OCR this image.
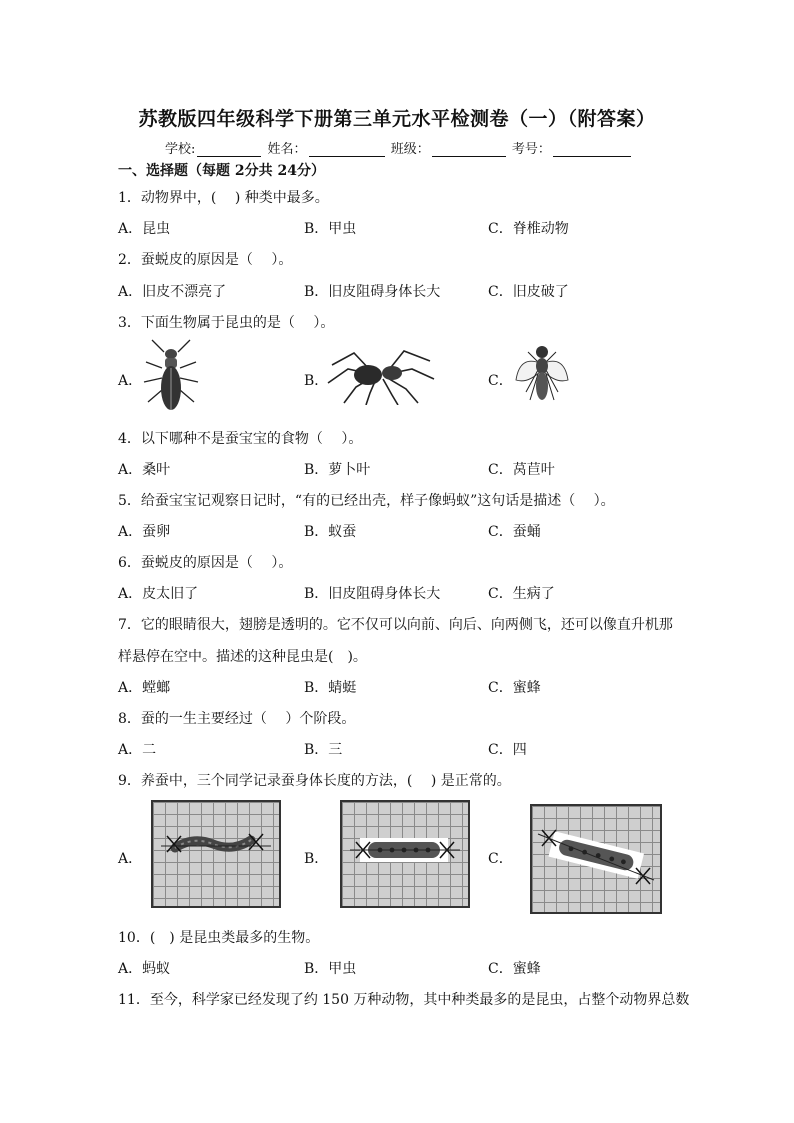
苏教版四年级科学下册第三单元水平检测卷（一）（附答案）
学校:	姓名：	班级：	考号：
一、选择题（每题 2分共 24分）
1．动物界中，(　 ) 种类中最多。
A．昆虫	B．甲虫	C．脊椎动物
2．蚕蜕皮的原因是（　 ）。
A．旧皮不漂亮了	B．旧皮阻碍身体长大	C．旧皮破了
3．下面生物属于昆虫的是（　 ）。
A．	B．	C．
4．以下哪种不是蚕宝宝的食物（　 ）。
A．桑叶	B．萝卜叶	C．莴苣叶
5．给蚕宝宝记观察日记时，“有的已经出壳，样子像蚂蚁”这句话是描述（　 ）。
A．蚕卵	B．蚁蚕	C．蚕蛹
6．蚕蜕皮的原因是（　 ）。
A．皮太旧了	B．旧皮阻碍身体长大	C．生病了
7．它的眼睛很大，翅膀是透明的。它不仅可以向前、向后、向两侧飞，还可以像直升机那
样悬停在空中。描述的这种昆虫是(　)。
A．螳螂	B．蜻蜓	C．蜜蜂
8．蚕的一生主要经过（　 ）个阶段。
A．二	B．三	C．四
9．养蚕中，三个同学记录蚕身体长度的方法，(　 ) 是正常的。
A．	B．	C．
10．(　) 是昆虫类最多的生物。
A．蚂蚁	B．甲虫	C．蜜蜂
11．至今，科学家已经发现了约 150 万种动物，其中种类最多的是昆虫，占整个动物界总数
